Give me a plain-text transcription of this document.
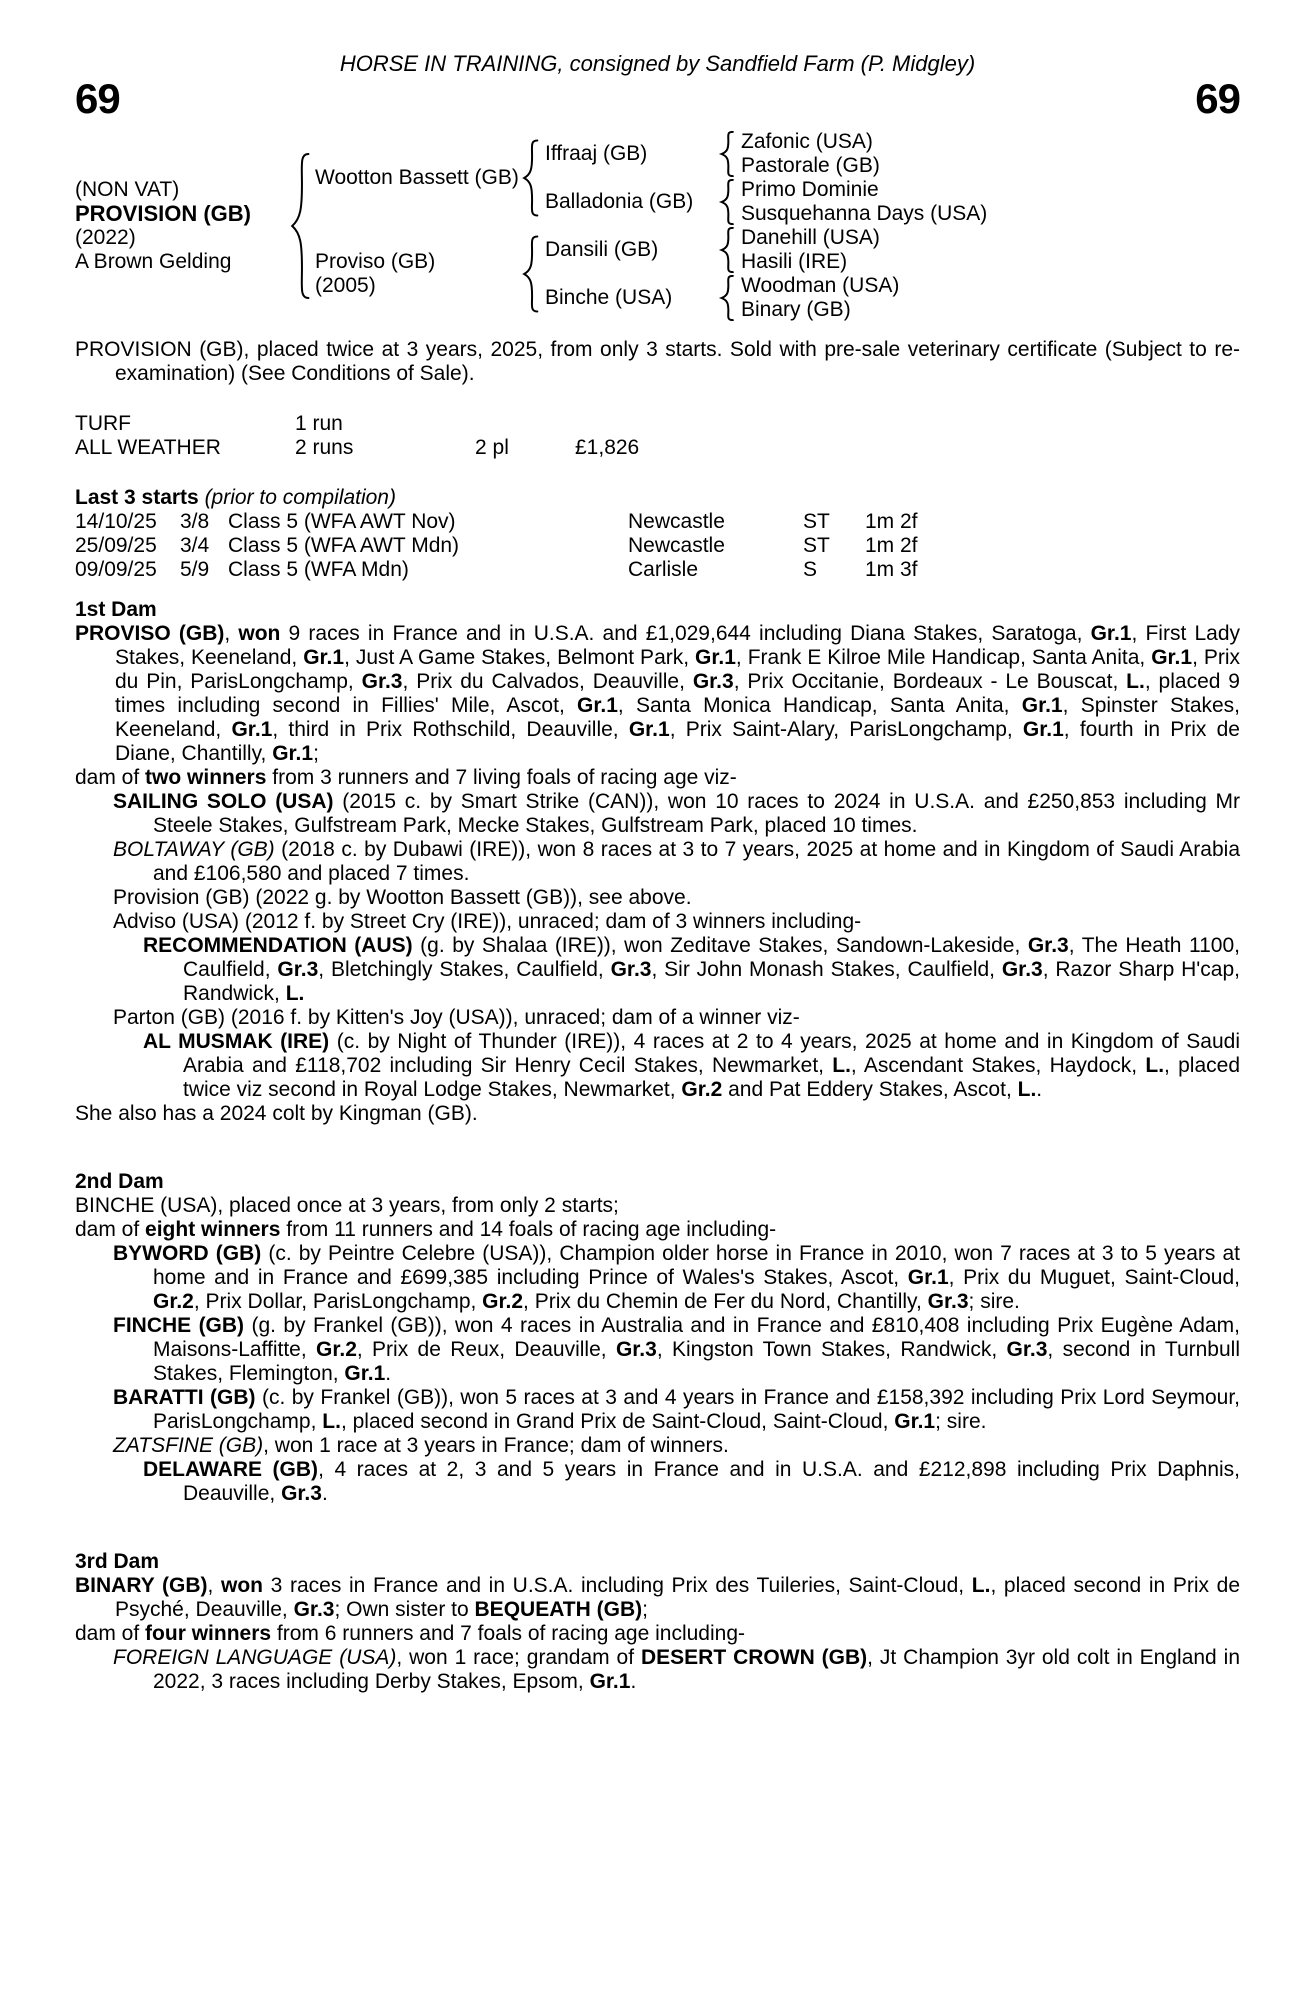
HORSE IN TRAINING, consigned by Sandfield Farm (P. Midgley)
69	69
(NON VAT)
PROVISION (GB)
(2022)
A Brown Gelding
Wootton Bassett (GB)
Proviso (GB)
(2005)
Iffraaj (GB)
Balladonia (GB)
Dansili (GB)
Binche (USA)
Zafonic (USA)
Pastorale (GB)
Primo Dominie
Susquehanna Days (USA)
Danehill (USA)
Hasili (IRE)
Woodman (USA)
Binary (GB)
PROVISION (GB), placed twice at 3 years, 2025, from only 3 starts. Sold with pre-sale veterinary certificate (Subject to re-examination) (See Conditions of Sale).
TURF	1 run
ALL WEATHER	2 runs	2 pl	£1,826
Last 3 starts (prior to compilation)
14/10/25	3/8 Class 5 (WFA AWT Nov)	Newcastle	ST	1m 2f
25/09/25	3/4 Class 5 (WFA AWT Mdn)	Newcastle	ST	1m 2f
09/09/25	5/9 Class 5 (WFA Mdn)	Carlisle	S	1m 3f
1st Dam
PROVISO (GB), won 9 races in France and in U.S.A. and £1,029,644 including Diana Stakes, Saratoga, Gr.1, First Lady Stakes, Keeneland, Gr.1, Just A Game Stakes, Belmont Park, Gr.1, Frank E Kilroe Mile Handicap, Santa Anita, Gr.1, Prix du Pin, ParisLongchamp, Gr.3, Prix du Calvados, Deauville, Gr.3, Prix Occitanie, Bordeaux - Le Bouscat, L., placed 9 times including second in Fillies' Mile, Ascot, Gr.1, Santa Monica Handicap, Santa Anita, Gr.1, Spinster Stakes, Keeneland, Gr.1, third in Prix Rothschild, Deauville, Gr.1, Prix Saint-Alary, ParisLongchamp, Gr.1, fourth in Prix de Diane, Chantilly, Gr.1;
dam of two winners from 3 runners and 7 living foals of racing age viz-
SAILING SOLO (USA) (2015 c. by Smart Strike (CAN)), won 10 races to 2024 in U.S.A. and £250,853 including Mr Steele Stakes, Gulfstream Park, Mecke Stakes, Gulfstream Park, placed 10 times.
BOLTAWAY (GB) (2018 c. by Dubawi (IRE)), won 8 races at 3 to 7 years, 2025 at home and in Kingdom of Saudi Arabia and £106,580 and placed 7 times.
Provision (GB) (2022 g. by Wootton Bassett (GB)), see above.
Adviso (USA) (2012 f. by Street Cry (IRE)), unraced; dam of 3 winners including-
RECOMMENDATION (AUS) (g. by Shalaa (IRE)), won Zeditave Stakes, Sandown-Lakeside, Gr.3, The Heath 1100, Caulfield, Gr.3, Bletchingly Stakes, Caulfield, Gr.3, Sir John Monash Stakes, Caulfield, Gr.3, Razor Sharp H'cap, Randwick, L.
Parton (GB) (2016 f. by Kitten's Joy (USA)), unraced; dam of a winner viz-
AL MUSMAK (IRE) (c. by Night of Thunder (IRE)), 4 races at 2 to 4 years, 2025 at home and in Kingdom of Saudi Arabia and £118,702 including Sir Henry Cecil Stakes, Newmarket, L., Ascendant Stakes, Haydock, L., placed twice viz second in Royal Lodge Stakes, Newmarket, Gr.2 and Pat Eddery Stakes, Ascot, L..
She also has a 2024 colt by Kingman (GB).
2nd Dam
BINCHE (USA), placed once at 3 years, from only 2 starts;
dam of eight winners from 11 runners and 14 foals of racing age including-
BYWORD (GB) (c. by Peintre Celebre (USA)), Champion older horse in France in 2010, won 7 races at 3 to 5 years at home and in France and £699,385 including Prince of Wales's Stakes, Ascot, Gr.1, Prix du Muguet, Saint-Cloud, Gr.2, Prix Dollar, ParisLongchamp, Gr.2, Prix du Chemin de Fer du Nord, Chantilly, Gr.3; sire.
FINCHE (GB) (g. by Frankel (GB)), won 4 races in Australia and in France and £810,408 including Prix Eugène Adam, Maisons-Laffitte, Gr.2, Prix de Reux, Deauville, Gr.3, Kingston Town Stakes, Randwick, Gr.3, second in Turnbull Stakes, Flemington, Gr.1.
BARATTI (GB) (c. by Frankel (GB)), won 5 races at 3 and 4 years in France and £158,392 including Prix Lord Seymour, ParisLongchamp, L., placed second in Grand Prix de Saint-Cloud, Saint-Cloud, Gr.1; sire.
ZATSFINE (GB), won 1 race at 3 years in France; dam of winners.
DELAWARE (GB), 4 races at 2, 3 and 5 years in France and in U.S.A. and £212,898 including Prix Daphnis, Deauville, Gr.3.
3rd Dam
BINARY (GB), won 3 races in France and in U.S.A. including Prix des Tuileries, Saint-Cloud, L., placed second in Prix de Psyché, Deauville, Gr.3; Own sister to BEQUEATH (GB);
dam of four winners from 6 runners and 7 foals of racing age including-
FOREIGN LANGUAGE (USA), won 1 race; grandam of DESERT CROWN (GB), Jt Champion 3yr old colt in England in 2022, 3 races including Derby Stakes, Epsom, Gr.1.
